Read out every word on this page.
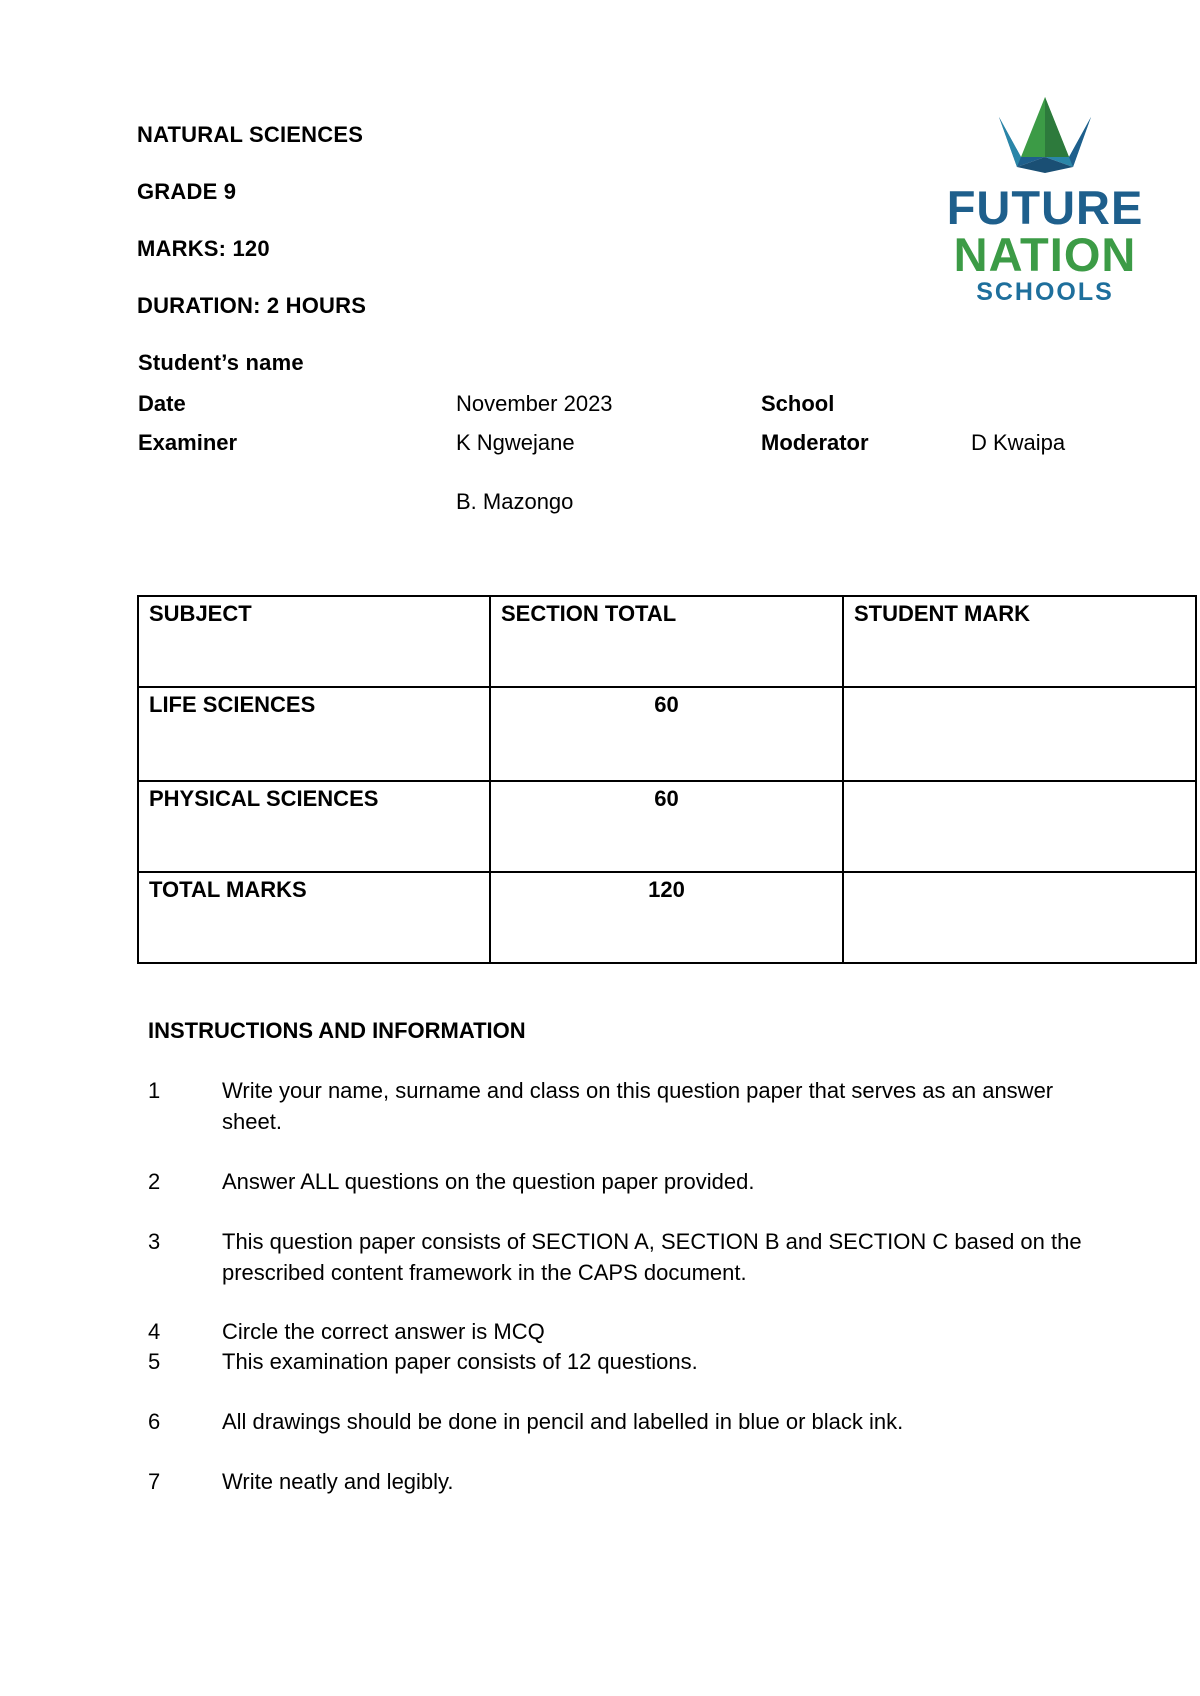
NATURAL SCIENCES
GRADE 9
MARKS: 120
DURATION: 2 HOURS
Student’s name
Date	November 2023	School
Examiner	K Ngwejane	Moderator	D Kwaipa
B. Mazongo
FUTURE
NATION
SCHOOLS
SUBJECT	SECTION TOTAL	STUDENT MARK
LIFE SCIENCES	60	
PHYSICAL SCIENCES	60	
TOTAL MARKS	120	
INSTRUCTIONS AND INFORMATION
1	Write your name, surname and class on this question paper that serves as an answer sheet.
2	Answer ALL questions on the question paper provided.
3	This question paper consists of SECTION A, SECTION B and SECTION C based on the prescribed content framework in the CAPS document.
4	Circle the correct answer is MCQ
5	This examination paper consists of 12 questions.
6	All drawings should be done in pencil and labelled in blue or black ink.
7	Write neatly and legibly.
